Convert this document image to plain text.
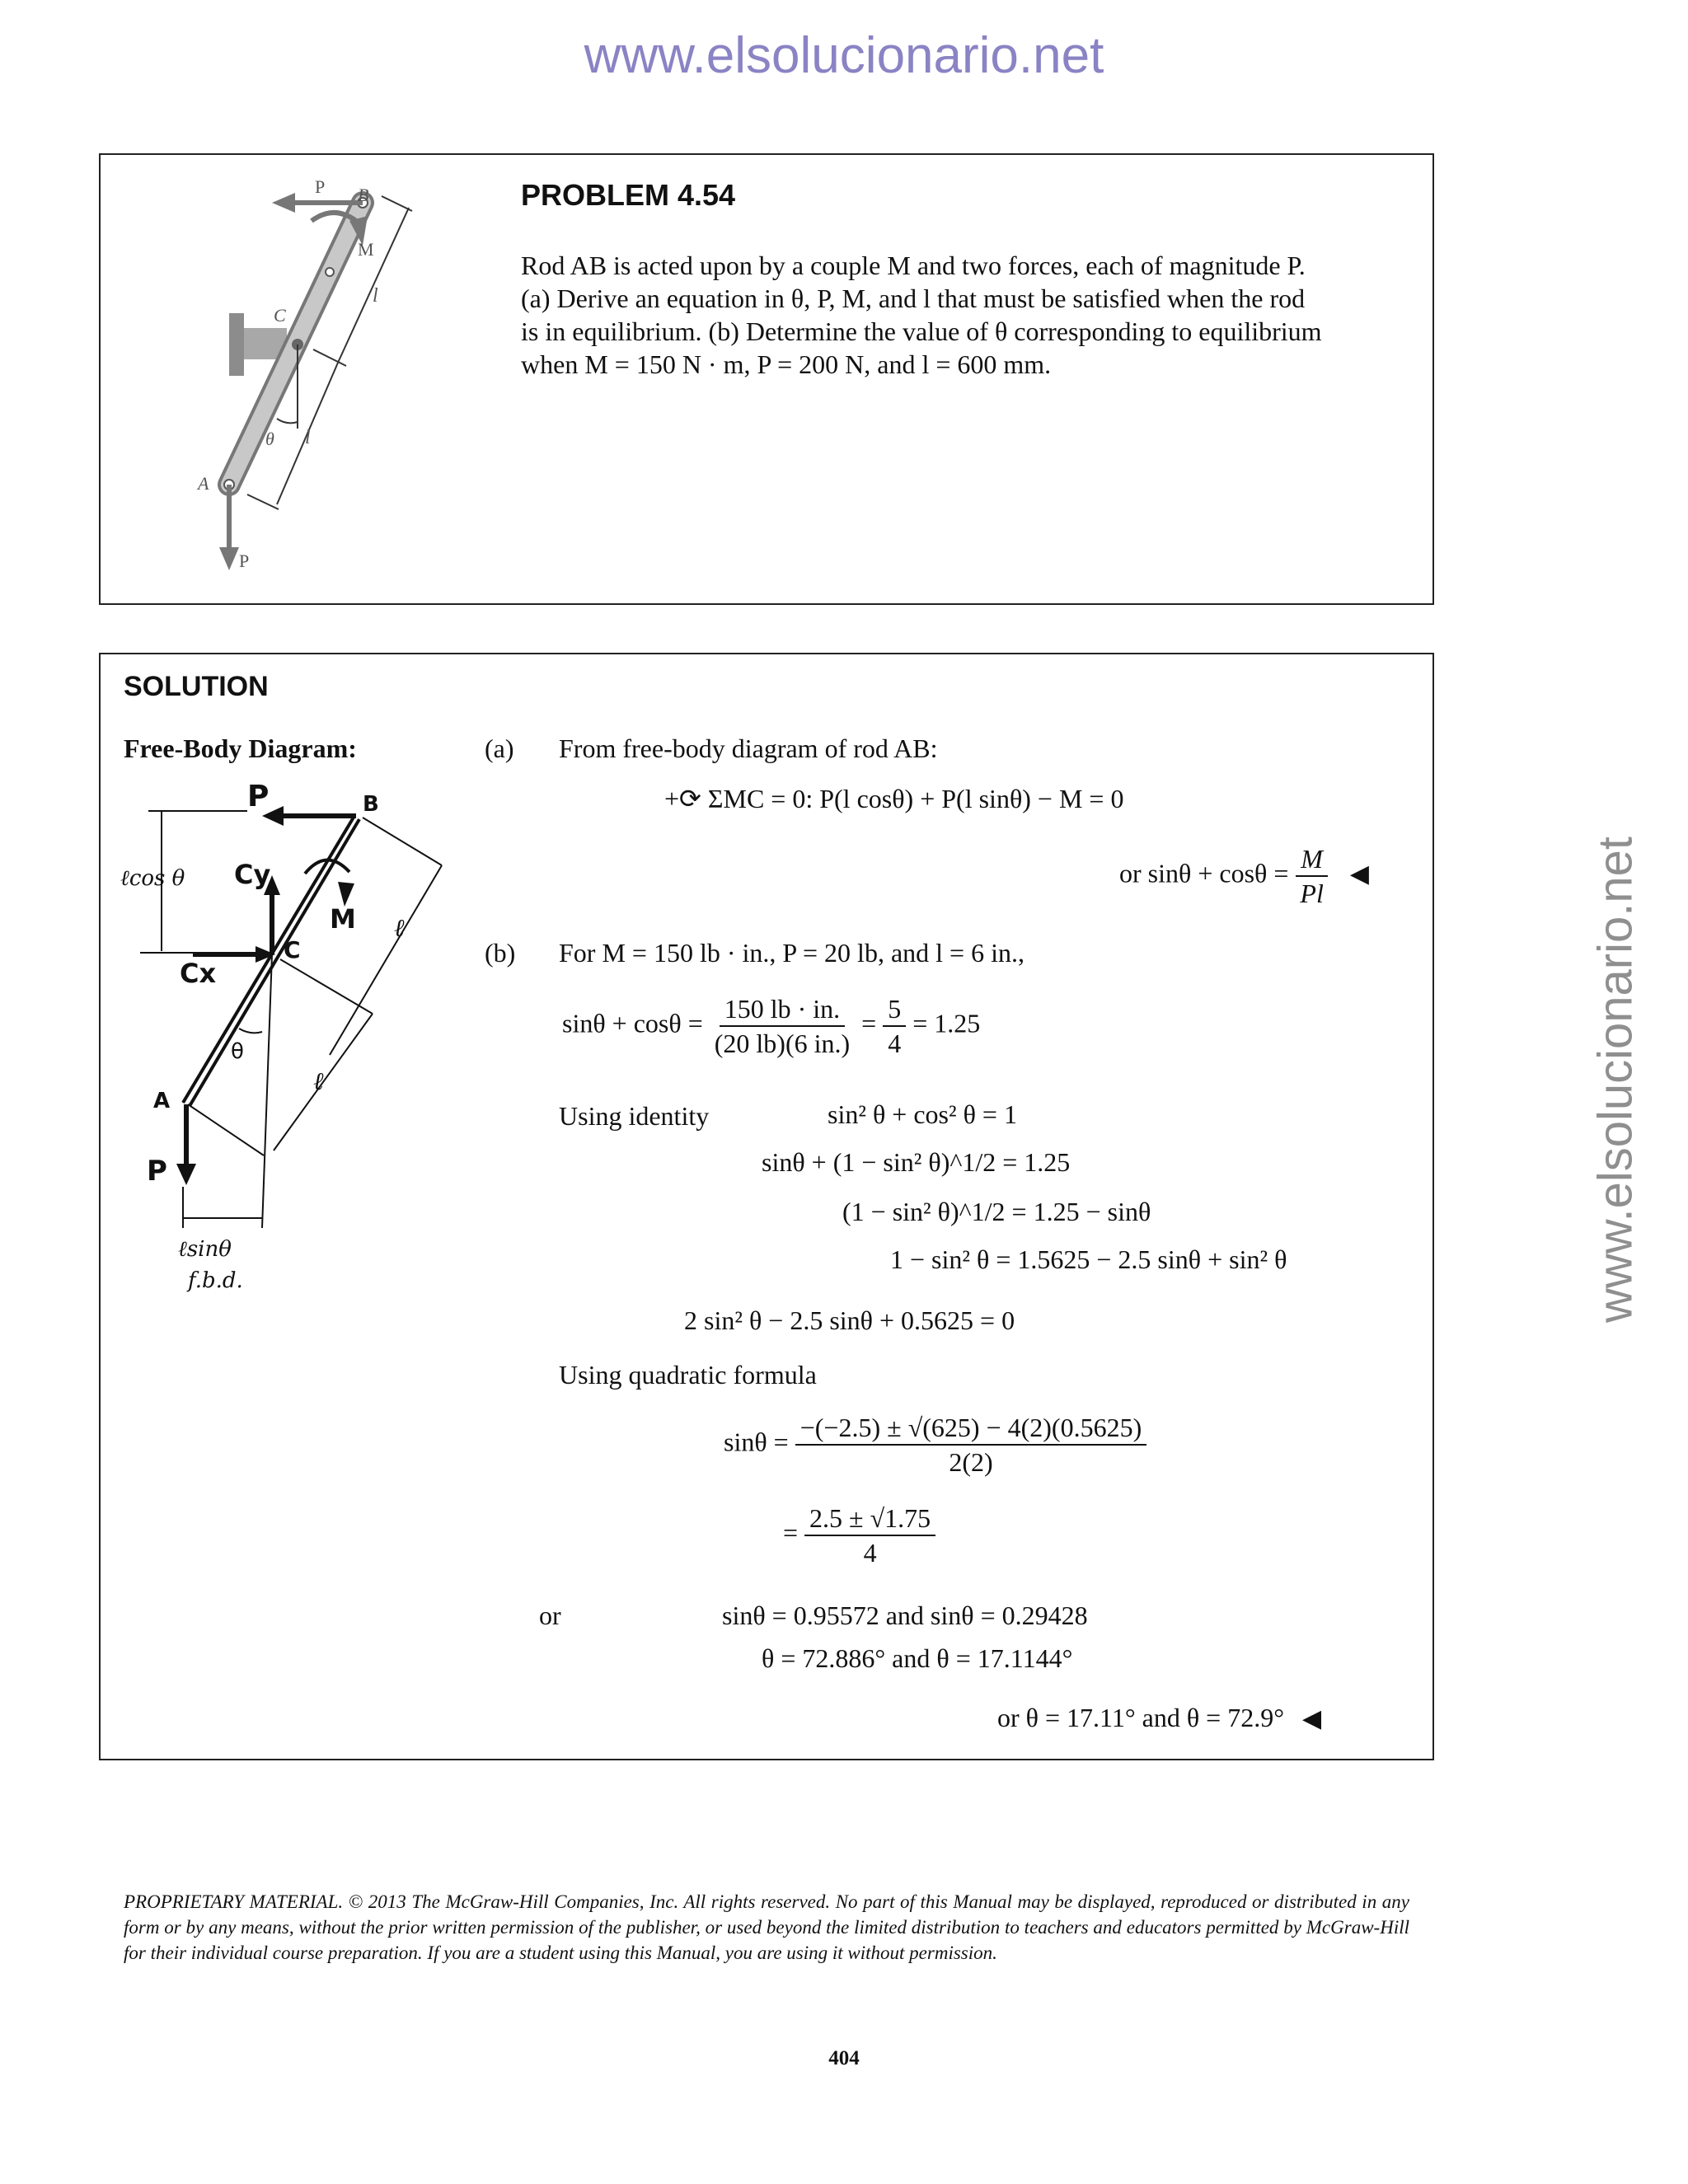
www.elsolucionario.net
www.elsolucionario.net
B
P
M
l
C
l
θ
A
P
PROBLEM 4.54
Rod AB is acted upon by a couple M and two forces, each of magnitude P.
(a) Derive an equation in θ, P, M, and l that must be satisfied when the rod
is in equilibrium. (b) Determine the value of θ corresponding to equilibrium
when M = 150 N · m, P = 200 N, and l = 600 mm.
SOLUTION
Free-Body Diagram:
P	B
ℓcos θ Cy
M ℓ
C
Cx
θ
ℓ
A
P
ℓsinθ
f.b.d.
(a) From free-body diagram of rod AB:
+⟳ ΣMC = 0: P(l cosθ) + P(l sinθ) − M = 0
or $\sin\theta + \cos\theta = \frac{M}{Pl}$ ◀
(b) For M = 150 lb · in., P = 20 lb, and l = 6 in.,
$\sin\theta + \cos\theta = \frac{150 lb \cdot in.}{(20 lb)(6 in.)} = \frac{5}{4} = 1.25$
Using identity	sin² θ + cos² θ = 1
sinθ + (1 − sin² θ)^1/2 = 1.25
(1 − sin² θ)^1/2 = 1.25 − sinθ
1 − sin² θ = 1.5625 − 2.5 sinθ + sin² θ
2 sin² θ − 2.5 sinθ + 0.5625 = 0
Using quadratic formula
$\sin\theta = \frac{-(-2.5) \pm √(625) - 4(2)(0.5625)}{2(2)}$
= $\frac{2.5 \pm √1.75}{4}$
or	sinθ = 0.95572 and sinθ = 0.29428
θ = 72.886° and θ = 17.1144°
or θ = 17.11° and θ = 72.9° ◀
PROPRIETARY MATERIAL. © 2013 The McGraw-Hill Companies, Inc. All rights reserved. No part of this Manual may be displayed, reproduced or distributed in any form or by any means, without the prior written permission of the publisher, or used beyond the limited distribution to teachers and educators permitted by McGraw-Hill for their individual course preparation. If you are a student using this Manual, you are using it without permission.
404
